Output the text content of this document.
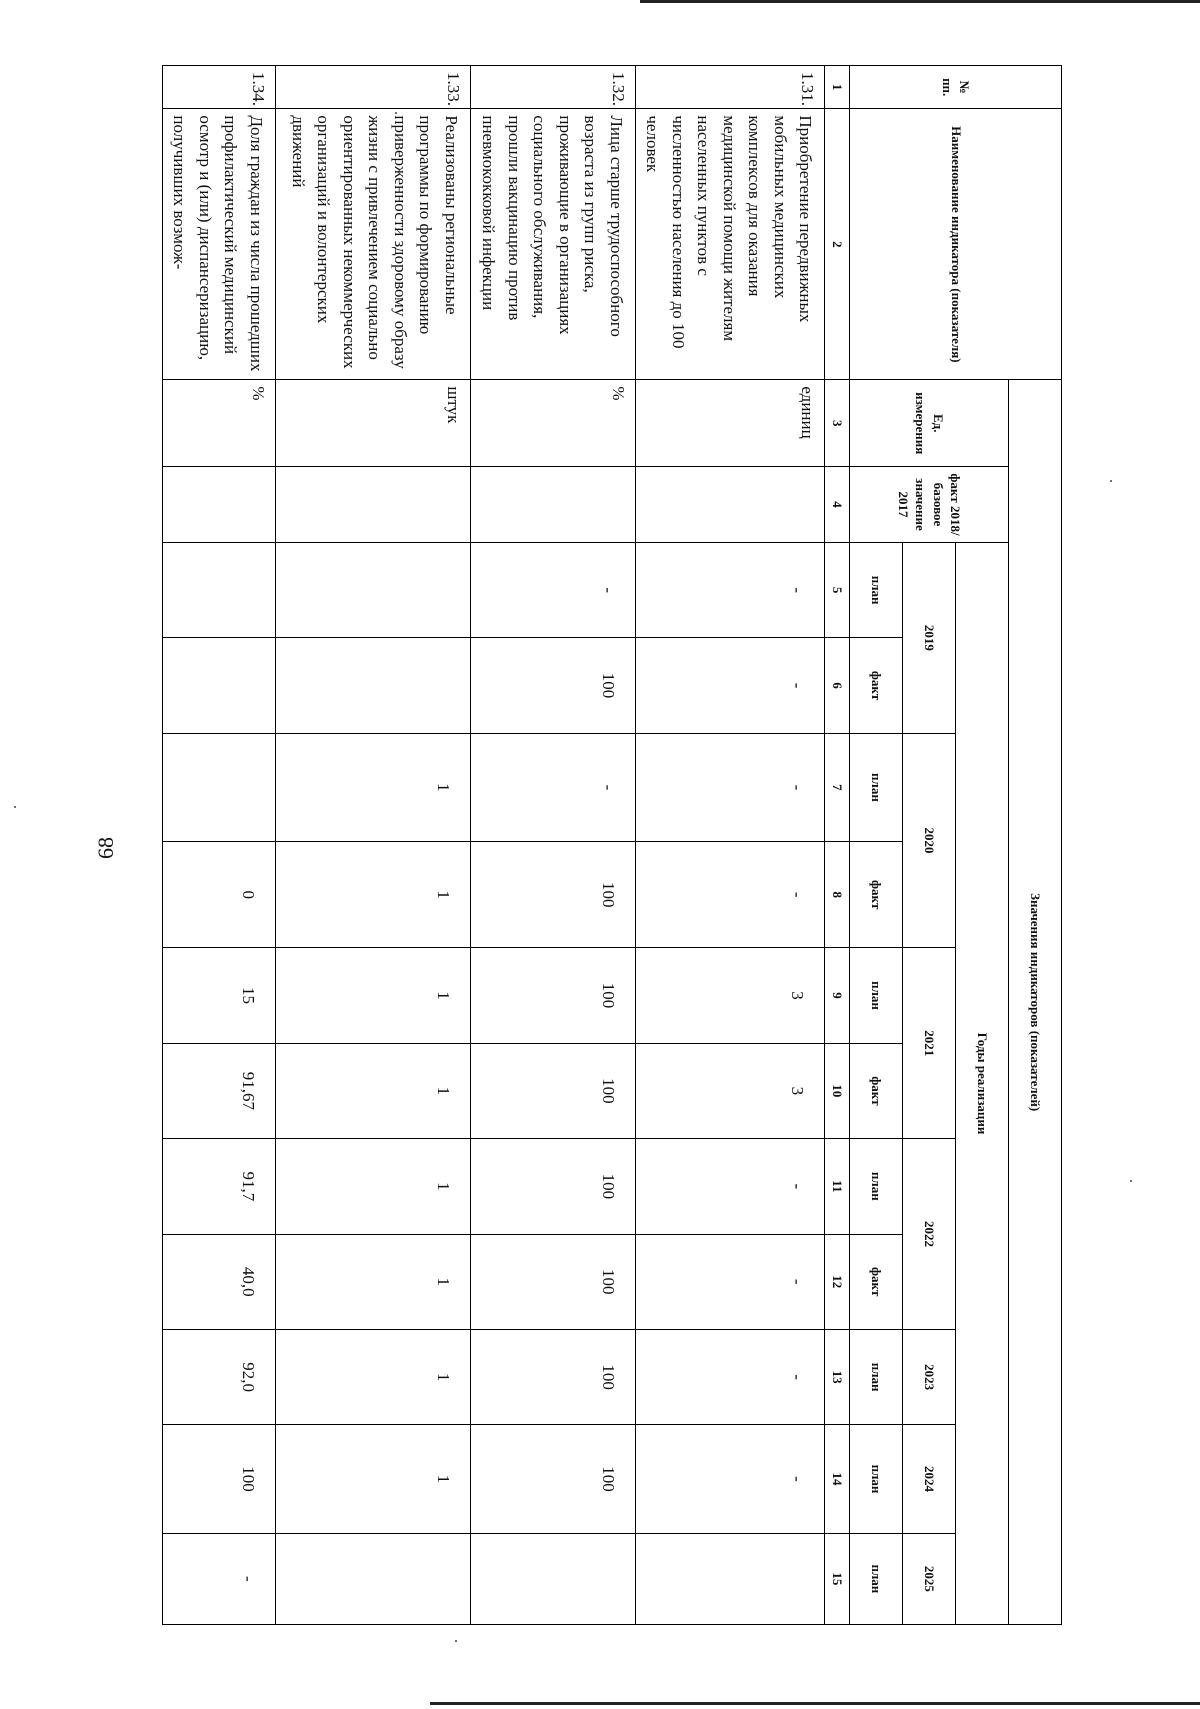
68
№ пп.	Наименование индикатора (показателя)	Значения индикаторов (показателей)												
		Ед. измерения	факт 2018/базовое значение 2017	Годы реализации										
				2019		2020		2021		2022		2023	2024	2025
				план	факт	план	факт	план	факт	план	факт	план	план	план
1	2	3	4	5	6	7	8	9	10	11	12	13	14	15
1.31.	Приобретение передвижных мобильных медицинских комплексов для оказания медицинской помощи жителям населенных пунктов с численностью населения до 100 человек	единиц		-	-	-	-	3	3	-	-	-	-	
1.32.	Лица старше трудоспособного возраста из групп риска, проживающие в организациях социального обслуживания, прошли вакцинацию против пневмококковой инфекции	%		-	100	-	100	100	100	100	100	100	100	
1.33.	Реализованы региональные программы по формированию приверженности здоровому образу жизни с привлечением социально ориентированных некоммерческих организаций и волонтерских движений	штук				1	1	1	1	1	1	1	1	
1.34.	Доля граждан из числа прошедших профилактический медицинский осмотр и (или) диспансеризацию, получивших возмож-	%					0	15	91,67	91,7	40,0	92,0	100	-
